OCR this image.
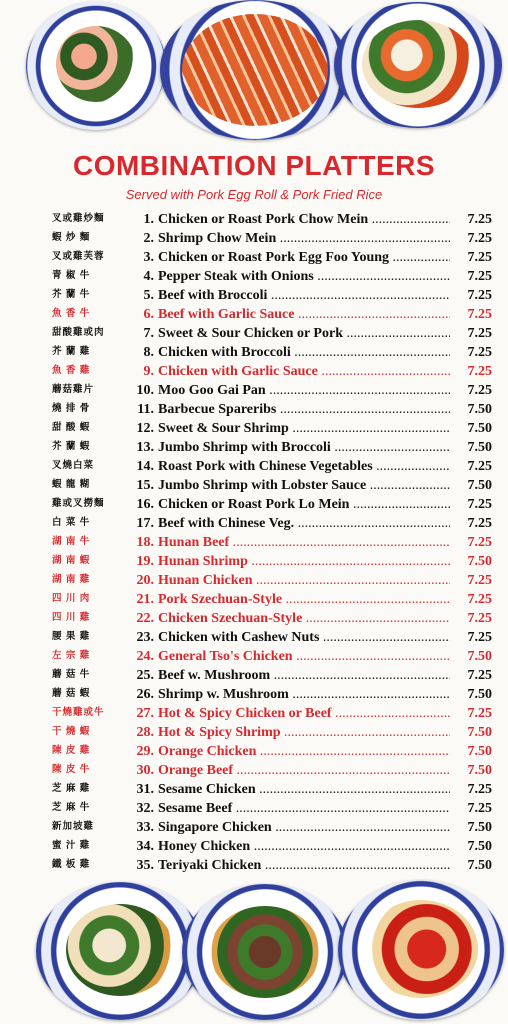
COMBINATION PLATTERS
Served with Pork Egg Roll & Pork Fried Rice
叉或雞炒麵	1. Chicken or Roast Pork Chow Mein .....	7.25
蝦 炒 麵	2. Shrimp Chow Mein .....	7.25
叉或雞芙蓉	3. Chicken or Roast Pork Egg Foo Young .....	7.25
青 椒 牛	4. Pepper Steak with Onions .....	7.25
芥 蘭 牛	5. Beef with Broccoli .....	7.25
魚 香 牛	6. Beef with Garlic Sauce .....	7.25
甜酸雞或肉	7. Sweet & Sour Chicken or Pork .....	7.25
芥 蘭 雞	8. Chicken with Broccoli .....	7.25
魚 香 雞	9. Chicken with Garlic Sauce .....	7.25
蘑菇雞片	10. Moo Goo Gai Pan .....	7.25
燒 排 骨	11. Barbecue Spareribs .....	7.50
甜 酸 蝦	12. Sweet & Sour Shrimp .....	7.50
芥 蘭 蝦	13. Jumbo Shrimp with Broccoli .....	7.50
叉燒白菜	14. Roast Pork with Chinese Vegetables .....	7.25
蝦 龍 糊	15. Jumbo Shrimp with Lobster Sauce .....	7.50
雞或叉撈麵	16. Chicken or Roast Pork Lo Mein .....	7.25
白 菜 牛	17. Beef with Chinese Veg. .....	7.25
湖 南 牛	18. Hunan Beef .....	7.25
湖 南 蝦	19. Hunan Shrimp .....	7.50
湖 南 雞	20. Hunan Chicken .....	7.25
四 川 肉	21. Pork Szechuan-Style .....	7.25
四 川 雞	22. Chicken Szechuan-Style .....	7.25
腰 果 雞	23. Chicken with Cashew Nuts .....	7.25
左 宗 雞	24. General Tso's Chicken .....	7.50
蘑 菇 牛	25. Beef w. Mushroom .....	7.25
蘑 菇 蝦	26. Shrimp w. Mushroom .....	7.50
干燒雞或牛	27. Hot & Spicy Chicken or Beef .....	7.25
干 燒 蝦	28. Hot & Spicy Shrimp .....	7.50
陳 皮 雞	29. Orange Chicken .....	7.50
陳 皮 牛	30. Orange Beef .....	7.50
芝 麻 雞	31. Sesame Chicken .....	7.25
芝 麻 牛	32. Sesame Beef .....	7.25
新加坡雞	33. Singapore Chicken .....	7.50
蜜 汁 雞	34. Honey Chicken .....	7.50
鐵 板 雞	35. Teriyaki Chicken .....	7.50
